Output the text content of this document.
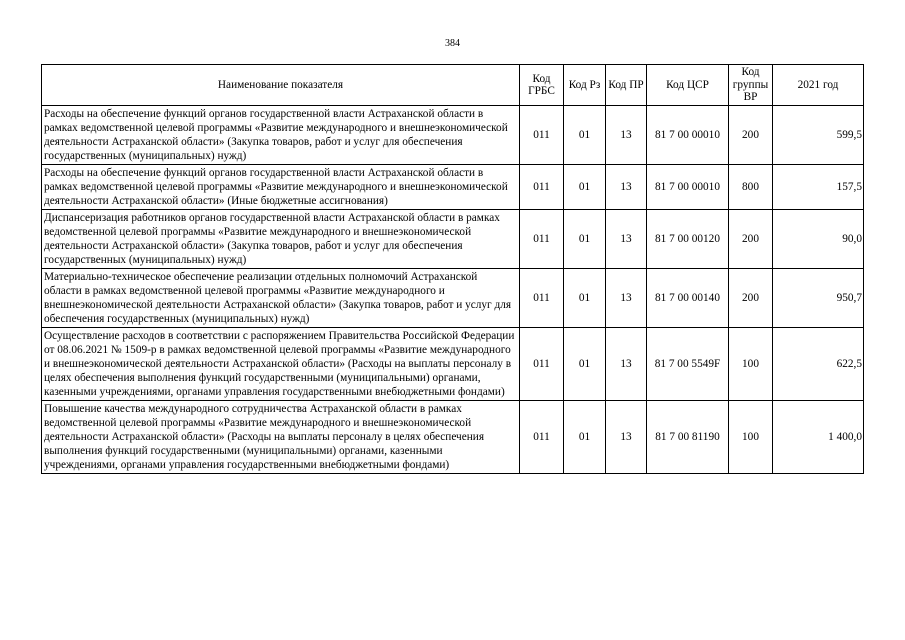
384
Наименование показателя	Код ГРБС	Код Рз	Код ПР	Код ЦСР	Код группы ВР	2021 год
Расходы на обеспечение функций органов государственной власти Астраханской области в рамках ведомственной целевой программы «Развитие международного и внешнеэкономической деятельности Астраханской области» (Закупка товаров, работ и услуг для обеспечения государственных (муниципальных) нужд)	011	01	13	81 7 00 00010	200	599,5
Расходы на обеспечение функций органов государственной власти Астраханской области в рамках ведомственной целевой программы «Развитие международного и внешнеэкономической деятельности Астраханской области» (Иные бюджетные ассигнования)	011	01	13	81 7 00 00010	800	157,5
Диспансеризация работников органов государственной власти Астраханской области в рамках ведомственной целевой программы «Развитие международного и внешнеэкономической деятельности Астраханской области» (Закупка товаров, работ и услуг для обеспечения государственных (муниципальных) нужд)	011	01	13	81 7 00 00120	200	90,0
Материально-техническое обеспечение реализации отдельных полномочий Астраханской области в рамках ведомственной целевой программы «Развитие международного и внешнеэкономической деятельности Астраханской области» (Закупка товаров, работ и услуг для обеспечения государственных (муниципальных) нужд)	011	01	13	81 7 00 00140	200	950,7
Осуществление расходов в соответствии с распоряжением Правительства Российской Федерации от 08.06.2021 № 1509-р в рамках ведомственной целевой программы «Развитие международного и внешнеэкономической деятельности Астраханской области» (Расходы на выплаты персоналу в целях обеспечения выполнения функций государственными (муниципальными) органами, казенными учреждениями, органами управления государственными внебюджетными фондами)	011	01	13	81 7 00 5549F	100	622,5
Повышение качества международного сотрудничества Астраханской области в рамках ведомственной целевой программы «Развитие международного и внешнеэкономической деятельности Астраханской области» (Расходы на выплаты персоналу в целях обеспечения выполнения функций государственными (муниципальными) органами, казенными учреждениями, органами управления государственными внебюджетными фондами)	011	01	13	81 7 00 81190	100	1 400,0
